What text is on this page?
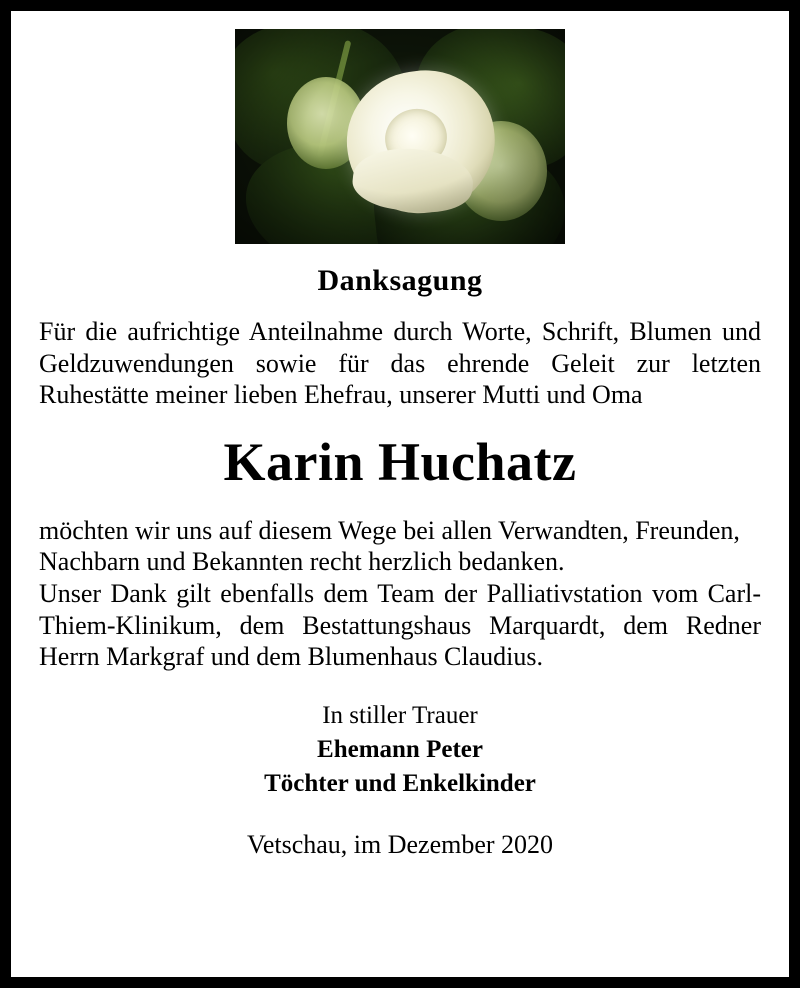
Danksagung
Für die aufrichtige Anteilnahme durch Worte, Schrift, Blumen und Geldzuwendungen sowie für das ehrende Geleit zur letzten Ruhestätte meiner lieben Ehefrau, unserer Mutti und Oma
Karin Huchatz

möchten wir uns auf diesem Wege bei allen Verwandten, Freunden, Nachbarn und Bekannten recht herzlich bedanken.

Unser Dank gilt ebenfalls dem Team der Palliativstation vom Carl-Thiem-Klinikum, dem Bestattungshaus Marquardt, dem Redner Herrn Markgraf und dem Blumenhaus Claudius.

In stiller Trauer
Ehemann Peter
Töchter und Enkelkinder
Vetschau, im Dezember 2020
